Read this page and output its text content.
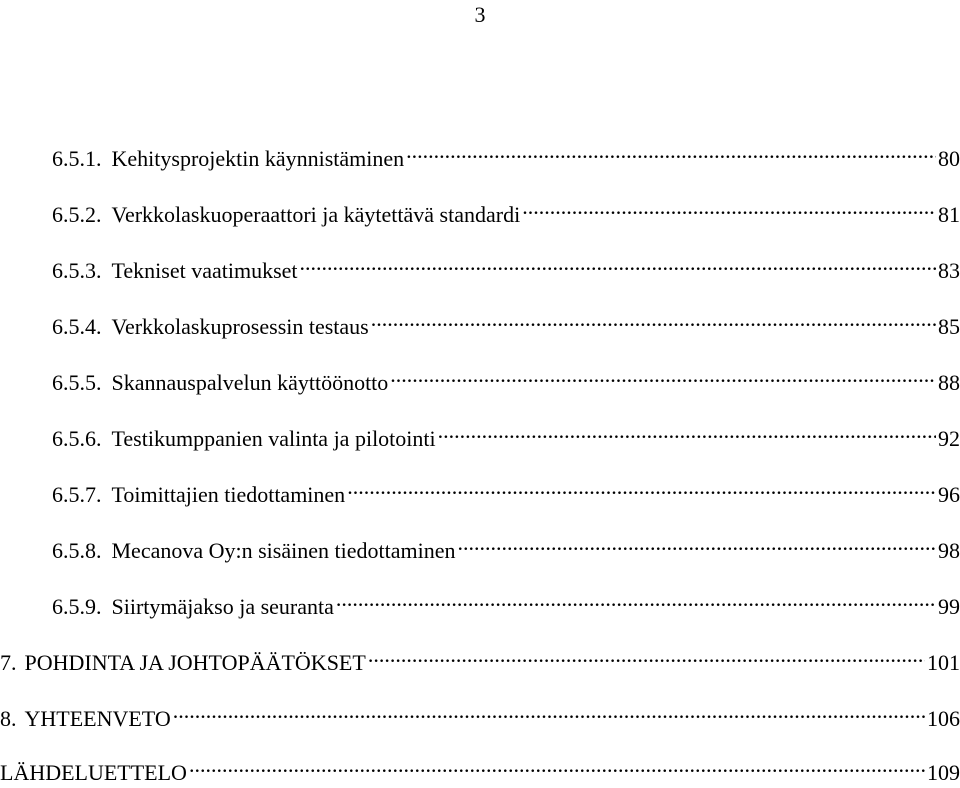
3
6.5.1. Kehitysprojektin käynnistäminen .....	80
6.5.2. Verkkolaskuoperaattori ja käytettävä standardi .....	81
6.5.3. Tekniset vaatimukset .....	83
6.5.4. Verkkolaskuprosessin testaus .....	85
6.5.5. Skannauspalvelun käyttöönotto .....	88
6.5.6. Testikumppanien valinta ja pilotointi .....	92
6.5.7. Toimittajien tiedottaminen .....	96
6.5.8. Mecanova Oy:n sisäinen tiedottaminen .....	98
6.5.9. Siirtymäjakso ja seuranta .....	99
7. POHDINTA JA JOHTOPÄÄTÖKSET .....	101
8. YHTEENVETO .....	106
LÄHDELUETTELO .....	109
